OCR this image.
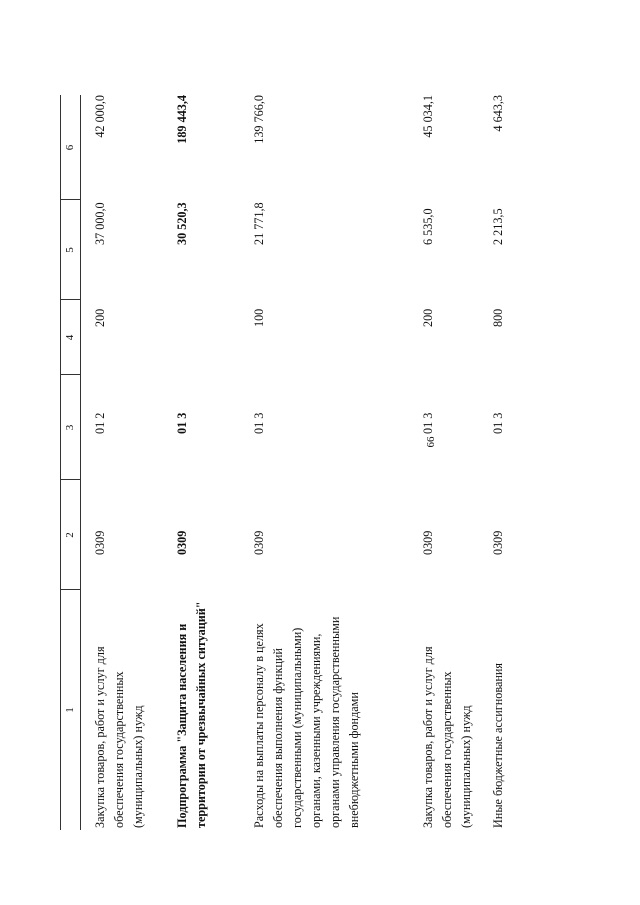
66
1
2
3
4
5
6
Закупка товаров, работ и услуг для обеспечения государственных (муниципальных) нужд
0309
01 2
200
37 000,0
42 000,0
Подпрограмма "Защита населения и территории от чрезвычайных ситуаций"
0309
01 3
30 520,3
189 443,4
Расходы на выплаты персоналу в целях обеспечения выполнения функций государственными (муниципальными) органами, казенными учреждениями, органами управления государственными внебюджетными фондами
0309
01 3
100
21 771,8
139 766,0
Закупка товаров, работ и услуг для обеспечения государственных (муниципальных) нужд
0309
01 3
200
6 535,0
45 034,1
Иные бюджетные ассигнования
0309
01 3
800
2 213,5
4 643,3
